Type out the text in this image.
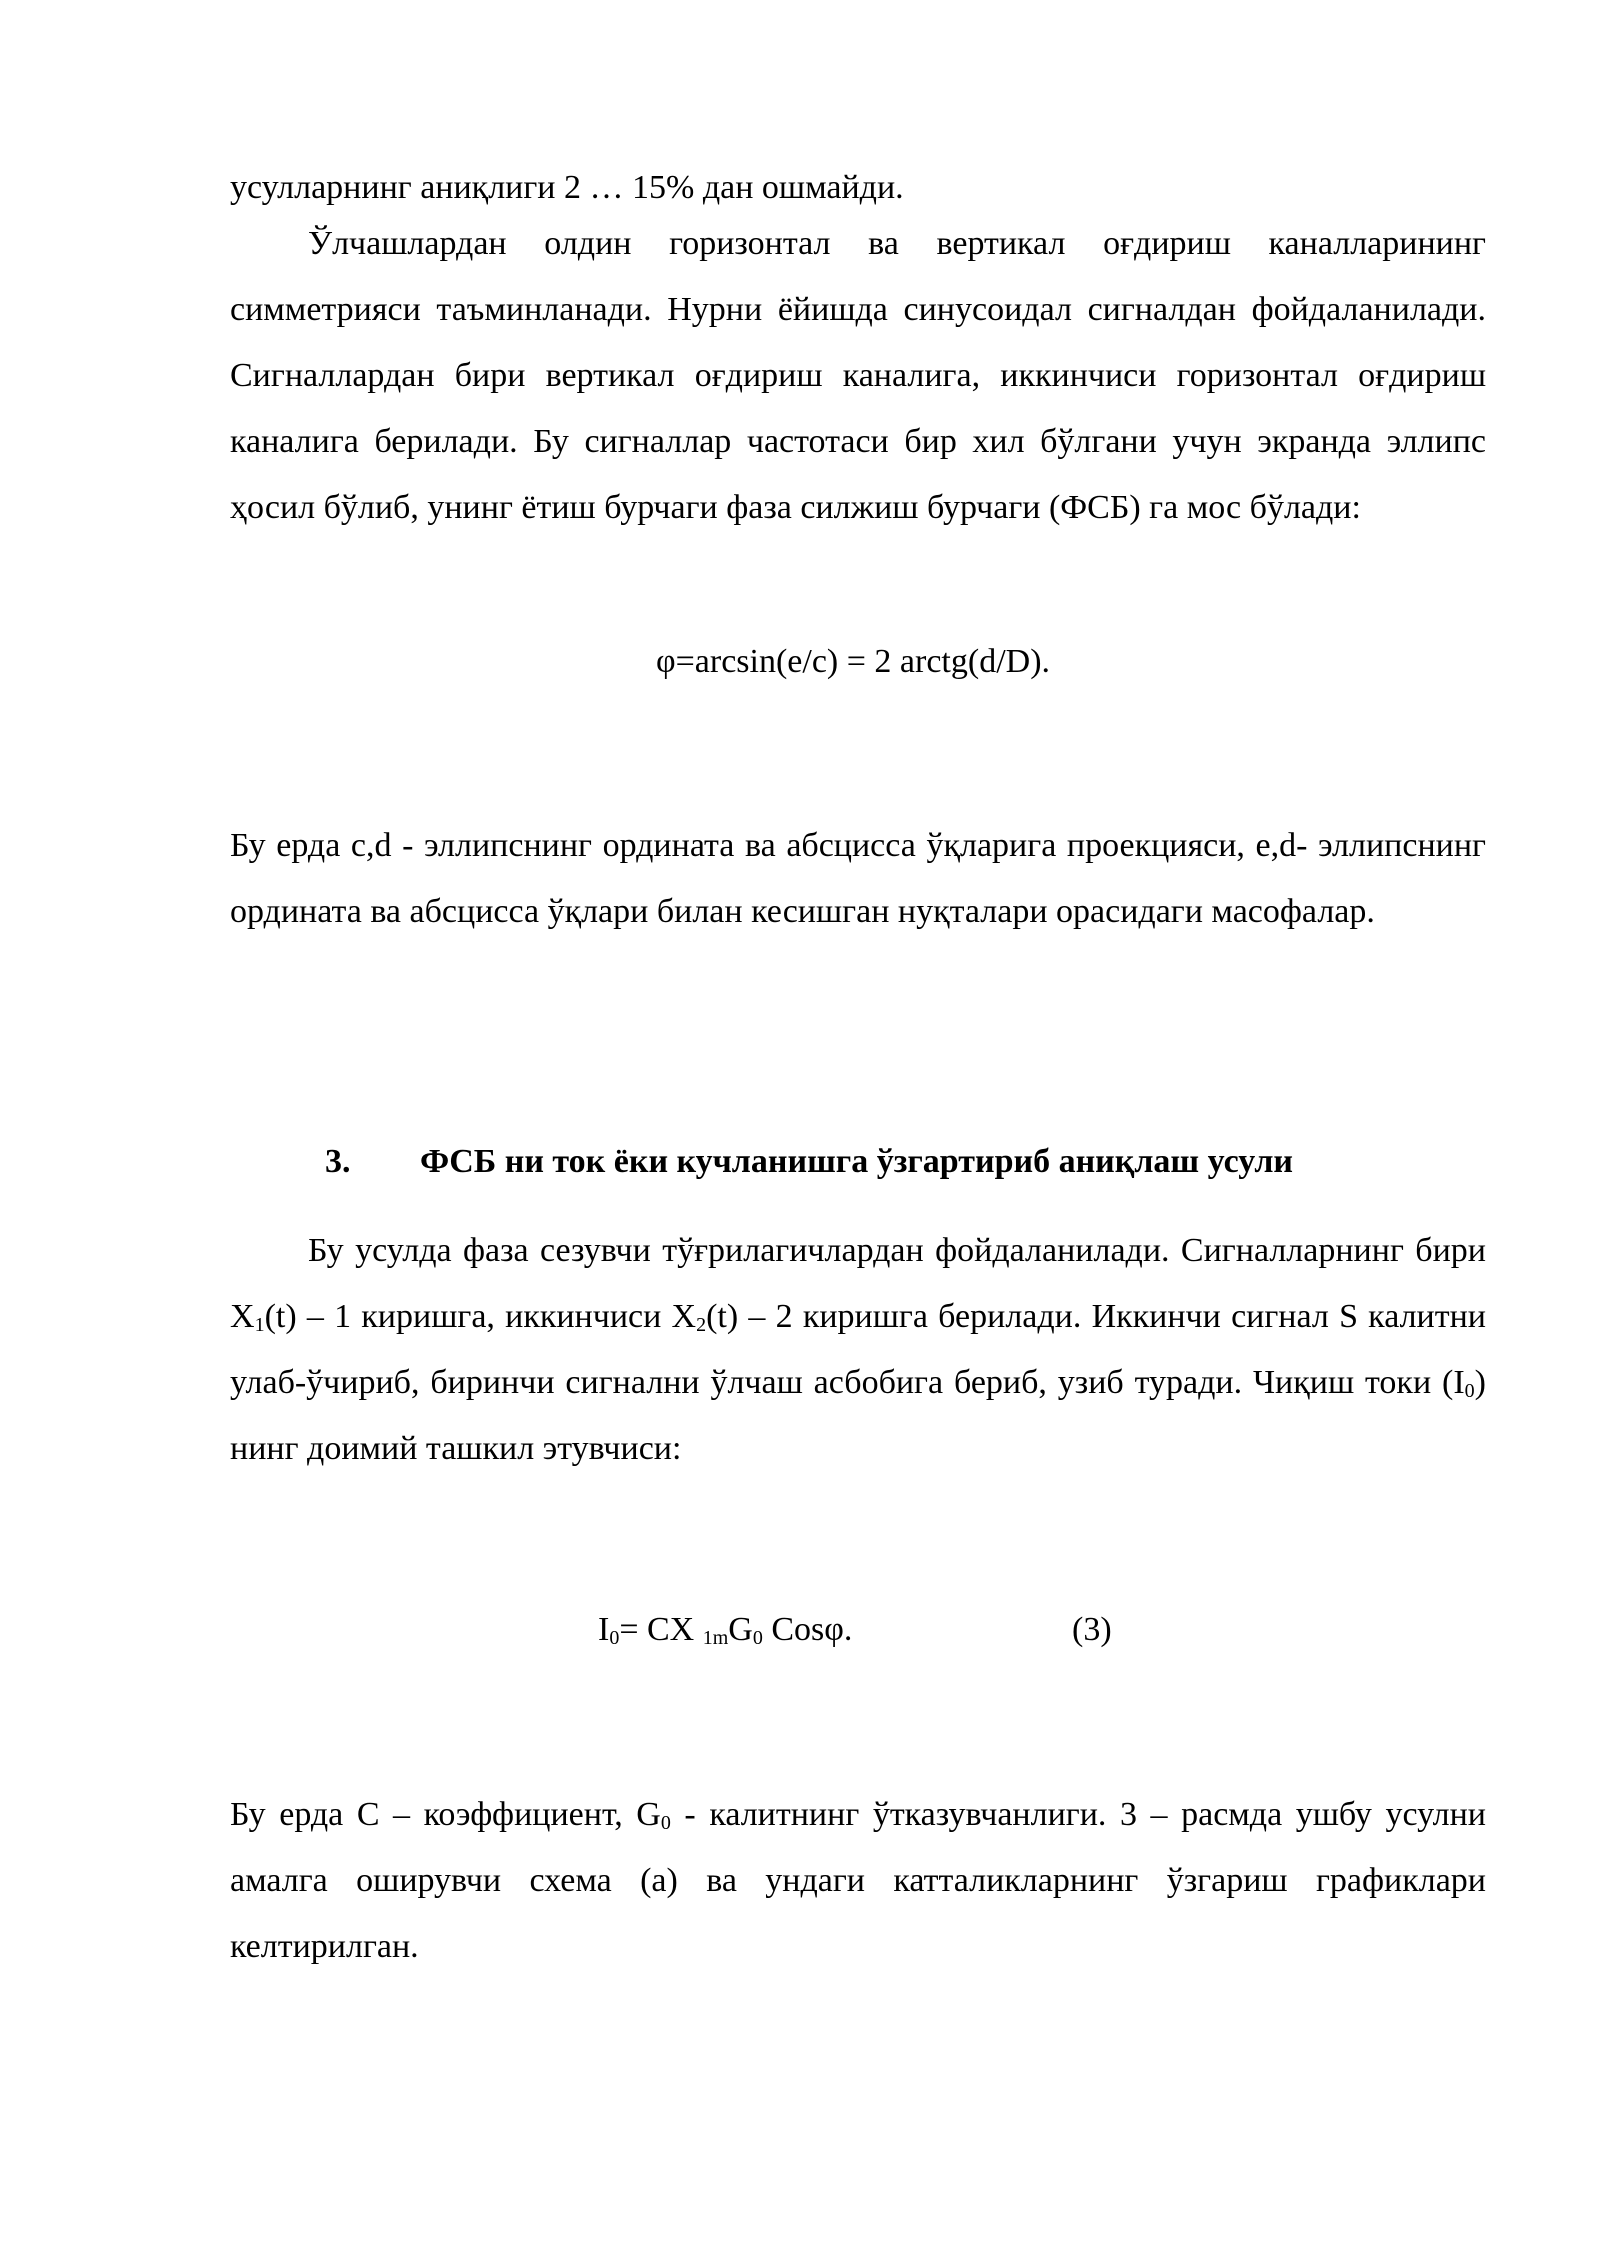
усулларнинг аниқлиги 2 … 15% дан ошмайди.
Ўлчашлардан олдин горизонтал ва вертикал оғдириш каналларининг симметрияси таъминланади. Нурни ёйишда синусоидал сигналдан фойдаланилади. Сигналлардан бири вертикал оғдириш каналига, иккинчиси горизонтал оғдириш каналига берилади. Бу сигналлар частотаси бир хил бўлгани учун экранда эллипс ҳосил бўлиб, унинг ётиш бурчаги фаза силжиш бурчаги (ФСБ) га мос бўлади:
φ=arcsin(e/c) = 2 arctg(d/D).
Бу ерда c,d - эллипснинг ордината ва абсцисса ўқларига проекцияси, e,d- эллипснинг ордината ва абсцисса ўқлари билан кесишган нуқталари орасидаги масофалар.
3. ФСБ ни ток ёки кучланишга ўзгартириб аниқлаш усули
Бу усулда фаза сезувчи тўғрилагичлардан фойдаланилади. Сигналларнинг бири $X_1(t) - 1$ киришга, иккинчиси $X_2(t) - 2$ киришга берилади. Иккинчи сигнал S калитни улаб-ўчириб, биринчи сигнални ўлчаш асбобига бериб, узиб туради. Чиқиш токи $(I_0)$ нинг доимий ташкил этувчиси:
$I_0=$ CX $_{1m}G_0$ Cosφ.	(3)
Бу ерда С – коэффициент, $G_0$ - калитнинг ўтказувчанлиги. 3 – расмда ушбу усулни амалга оширувчи схема (а) ва ундаги катталикларнинг ўзгариш графиклари келтирилган.
